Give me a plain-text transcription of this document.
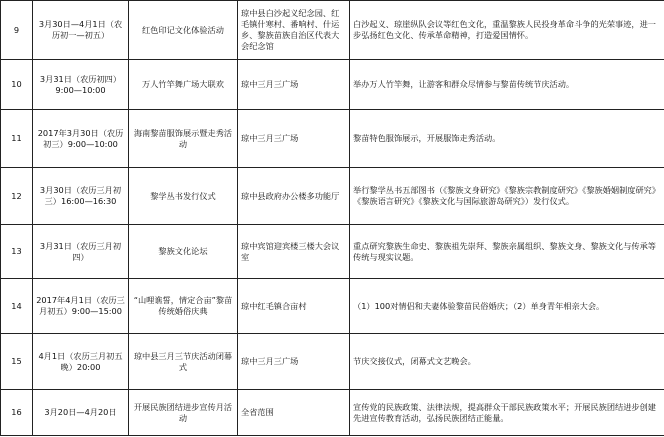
9	3月30日—4月1日（农历初一—初五）	红色印记文化体验活动	琼中县白沙起义纪念园、红毛镇什寒村、番响村、什运乡、黎族苗族自治区代表大会纪念馆	白沙起义、琼崖纵队会议等红色文化，重温黎族人民投身革命斗争的光荣事迹，进一步弘扬红色文化、传承革命精神，打造爱国情怀。
10	3月31日（农历初四）9:00—10:00	万人竹竿舞广场大联欢	琼中三月三广场	举办万人竹竿舞，让游客和群众尽情参与黎苗传统节庆活动。
11	2017年3月30日（农历初三）9:00—10:00	海南黎苗服饰展示暨走秀活动	琼中三月三广场	黎苗特色服饰展示，开展服饰走秀活动。
12	3月30日（农历三月初三）16:00—16:30	黎学丛书发行仪式	琼中县政府办公楼多功能厅	举行黎学丛书五部图书（《黎族文身研究》《黎族宗教制度研究》《黎族婚姻制度研究》《黎族语言研究》《黎族文化与国际旅游岛研究》）发行仪式。
13	3月31日（农历三月初四）	黎族文化论坛	琼中宾馆迎宾楼三楼大会议室	重点研究黎族生命史、黎族祖先崇拜、黎族亲属组织、黎族文身、黎族文化与传承等传统与现实议题。
14	2017年4月1日（农历三月初五）9:00—15:00	“山哩谯誓，情定合亩”黎苗传统婚俗庆典	琼中红毛镇合亩村	（1）100对情侣和夫妻体验黎苗民俗婚庆；（2）单身青年相亲大会。
15	4月1日（农历三月初五晚）20:00	琼中县三月三节庆活动闭幕式	琼中三月三广场	节庆交接仪式，闭幕式文艺晚会。
16	3月20日—4月20日	开展民族团结进步宣传月活动	全省范围	宣传党的民族政策、法律法规，提高群众干部民族政策水平；开展民族团结进步创建先进宣传教育活动，弘扬民族团结正能量。
